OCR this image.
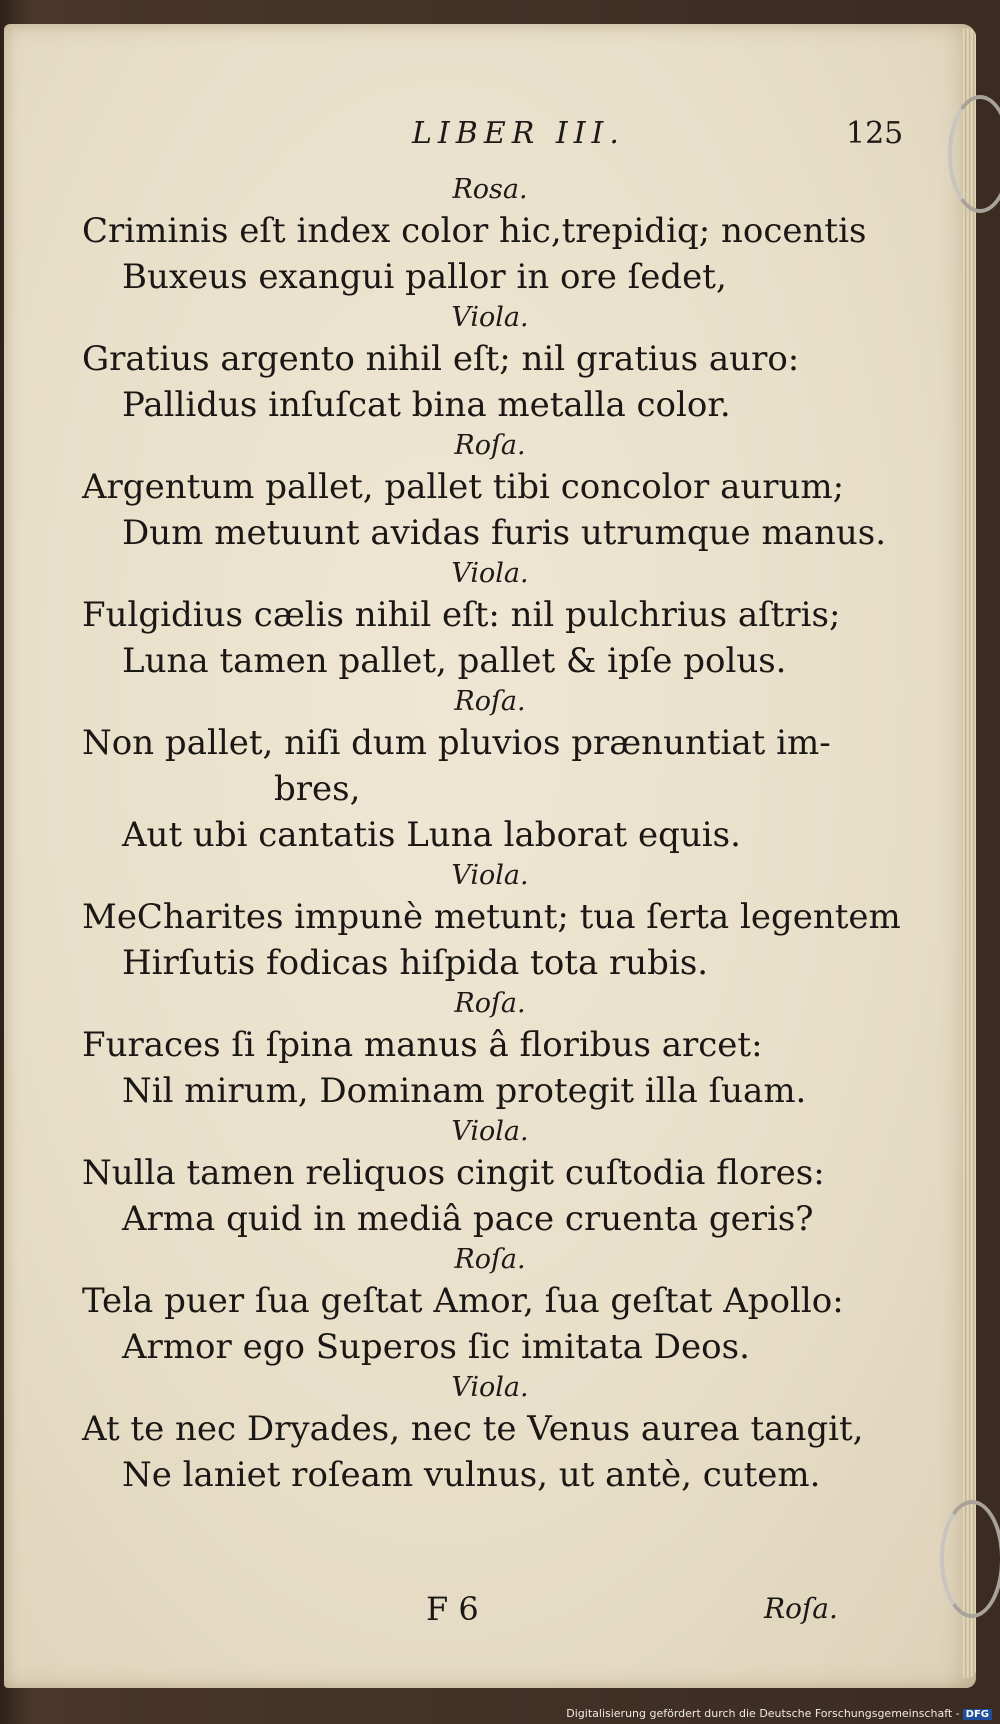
LIBER III.	125
Rosa.
Criminis eſt index color hic,trepidiq; nocentis
Buxeus exangui pallor in ore ſedet,
Viola.
Gratius argento nihil eſt; nil gratius auro:
Pallidus inſuſcat bina metalla color.
Roſa.
Argentum pallet, pallet tibi concolor aurum;
Dum metuunt avidas furis utrumque manus.
Viola.
Fulgidius cælis nihil eſt: nil pulchrius aſtris;
Luna tamen pallet, pallet & ipſe polus.
Roſa.
Non pallet, niſi dum pluvios prænuntiat im-
bres,
Aut ubi cantatis Luna laborat equis.
Viola.
MeCharites impunè metunt; tua ſerta legentem
Hirſutis fodicas hiſpida tota rubis.
Roſa.
Furaces ſi ſpina manus â floribus arcet:
Nil mirum, Dominam protegit illa ſuam.
Viola.
Nulla tamen reliquos cingit cuſtodia flores:
Arma quid in mediâ pace cruenta geris?
Roſa.
Tela puer ſua geſtat Amor, ſua geſtat Apollo:
Armor ego Superos ſic imitata Deos.
Viola.
At te nec Dryades, nec te Venus aurea tangit,
Ne laniet roſeam vulnus, ut antè, cutem.
F 6	Roſa.
Digitalisierung gefördert durch die Deutsche Forschungsgemeinschaft - DFG
